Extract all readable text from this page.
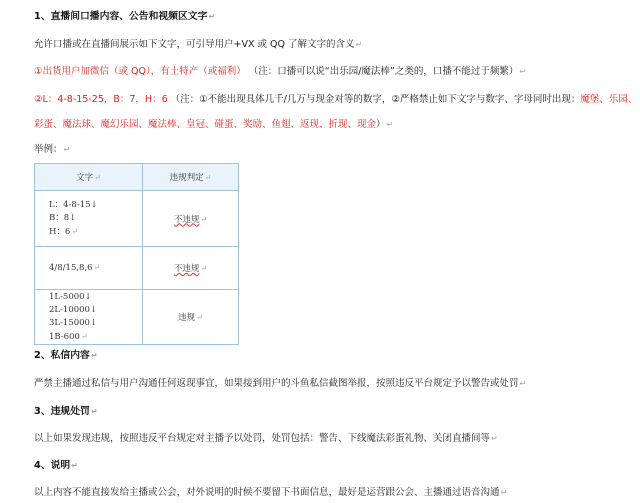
1、直播间口播内容、公告和视频区文字↵
允许口播或在直播间展示如下文字，可引导用户+VX 或 QQ 了解文字的含义↵
①出货用户加微信（或 QQ），有土特产（或福利） （注：口播可以说“出乐园/魔法棒”之类的，口播不能过于频繁）↵
②L：4-8-15-25，B：7，H：6 （注：①不能出现具体几千/几万与现金对等的数字，②严格禁止如下文字与数字、字母同时出现：魔堡、乐园、
彩蛋、魔法球、魔幻乐园、魔法棒、皇冠、碰蛋、奖励、鱼翅、返现、折现、现金）↵
举例：↵
文字↵	违规判定↵

L：4-8-15↓
B：8↓
H：6↵	不违规↵
4/8/15,8,6↵	不违规↵

1L-5000↓
2L-10000↓
3L-15000↓
1B-600↵	违规↵
2、私信内容↵
严禁主播通过私信与用户沟通任何返现事宜，如果接到用户的斗鱼私信截图举报，按照违反平台规定予以警告或处罚↵
3、违规处罚↵
以上如果发现违规，按照违反平台规定对主播予以处罚，处罚包括：警告、下线魔法彩蛋礼物、关闭直播间等↵
4、说明↵
以上内容不能直接发给主播或公会，对外说明的时候不要留下书面信息，最好是运营跟公会、主播通过语音沟通↵
